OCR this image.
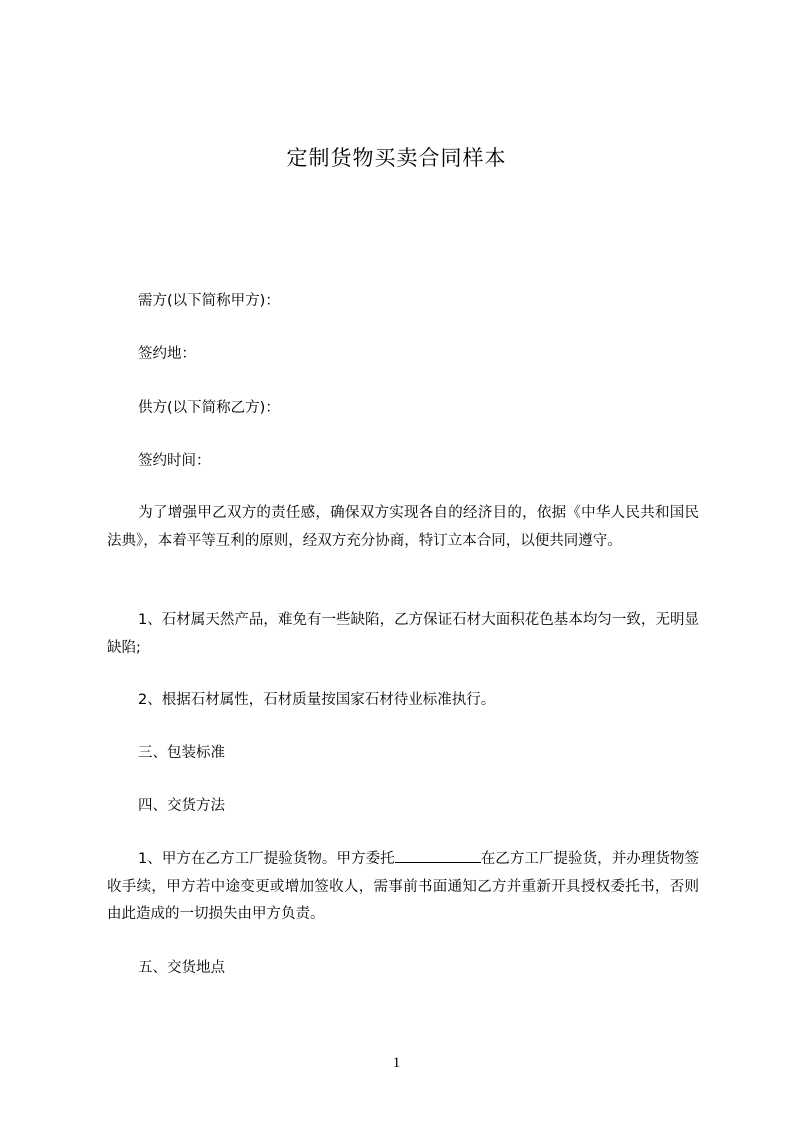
定制货物买卖合同样本
需方(以下简称甲方)：
签约地：
供方(以下简称乙方)：
签约时间：
为了增强甲乙双方的责任感，确保双方实现各自的经济目的，依据《中华人民共和国民法典》，本着平等互利的原则，经双方充分协商，特订立本合同，以便共同遵守。
1、石材属天然产品，难免有一些缺陷，乙方保证石材大面积花色基本均匀一致，无明显缺陷;
2、根据石材属性，石材质量按国家石材待业标准执行。
三、包装标准
四、交货方法
1、甲方在乙方工厂提验货物。甲方委托	在乙方工厂提验货，并办理货物签收手续，甲方若中途变更或增加签收人，需事前书面通知乙方并重新开具授权委托书，否则由此造成的一切损失由甲方负责。
五、交货地点
1
